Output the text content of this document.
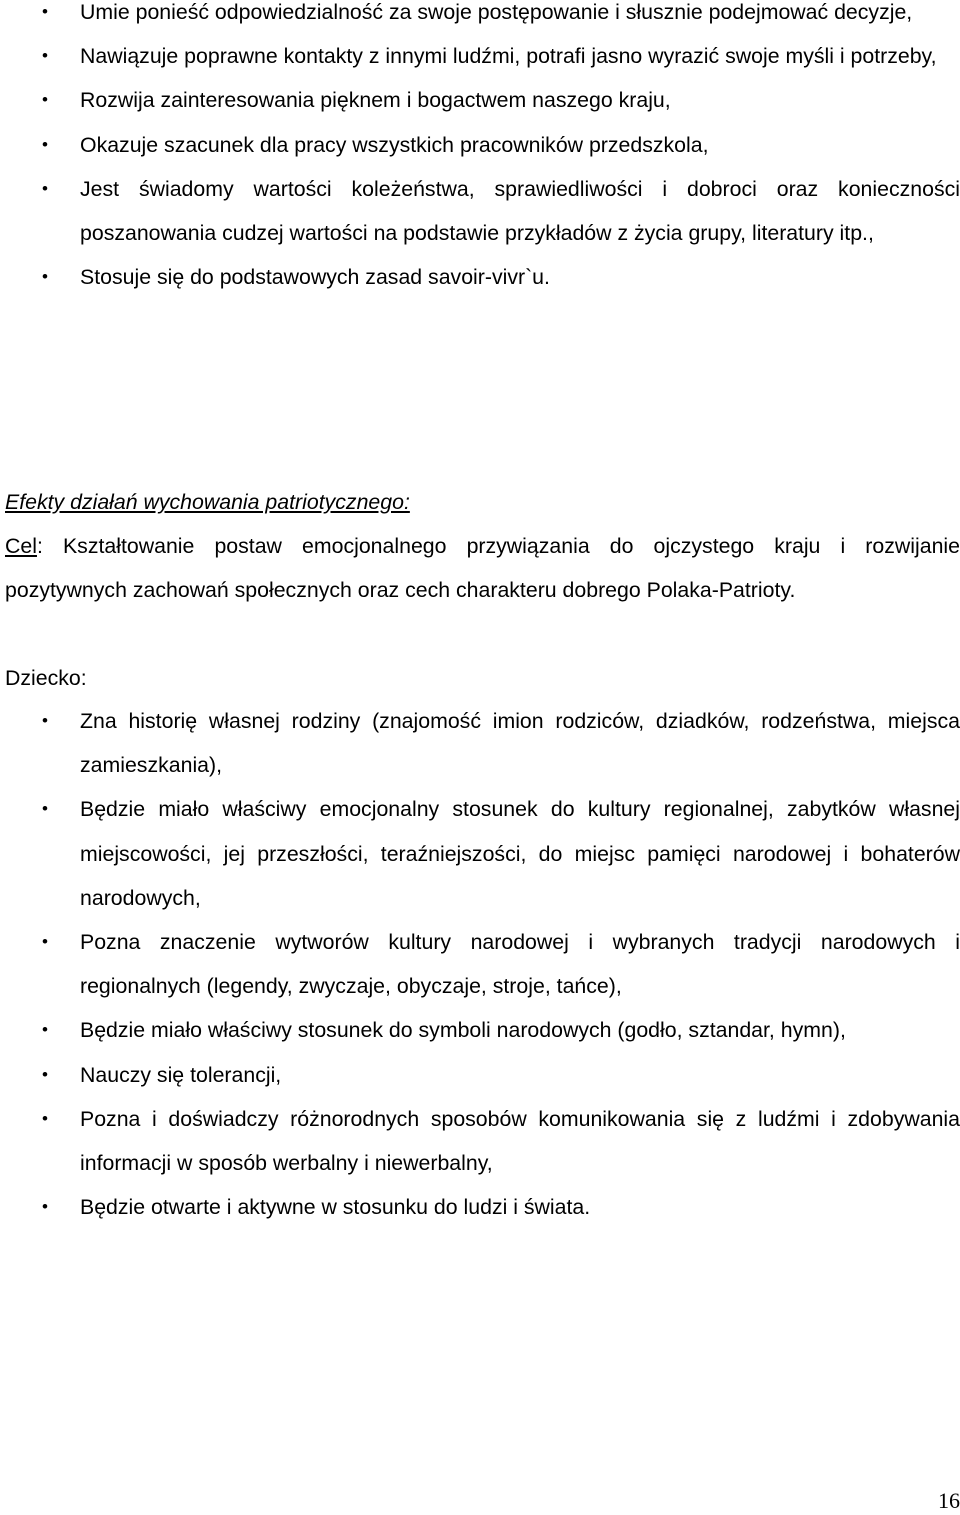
• Umie ponieść odpowiedzialność za swoje postępowanie i słusznie podejmować decyzje,
• Nawiązuje poprawne kontakty z innymi ludźmi, potrafi jasno wyrazić swoje myśli i potrzeby,
• Rozwija zainteresowania pięknem i bogactwem naszego kraju,
• Okazuje szacunek dla pracy wszystkich pracowników przedszkola,
• Jest świadomy wartości koleżeństwa, sprawiedliwości i dobroci oraz konieczności poszanowania cudzej wartości na podstawie przykładów z życia grupy, literatury itp.,
• Stosuje się do podstawowych zasad savoir-vivr`u.

Efekty działań wychowania patriotycznego:

Cel: Kształtowanie postaw emocjonalnego przywiązania do ojczystego kraju i rozwijanie pozytywnych zachowań społecznych oraz cech charakteru dobrego Polaka-Patrioty.

Dziecko:

• Zna historię własnej rodziny (znajomość imion rodziców, dziadków, rodzeństwa, miejsca zamieszkania),
• Będzie miało właściwy emocjonalny stosunek do kultury regionalnej, zabytków własnej miejscowości, jej przeszłości, teraźniejszości, do miejsc pamięci narodowej i bohaterów narodowych,
• Pozna znaczenie wytworów kultury narodowej i wybranych tradycji narodowych i regionalnych (legendy, zwyczaje, obyczaje, stroje, tańce),
• Będzie miało właściwy stosunek do symboli narodowych (godło, sztandar, hymn),
• Nauczy się tolerancji,
• Pozna i doświadczy różnorodnych sposobów komunikowania się z ludźmi i zdobywania informacji w sposób werbalny i niewerbalny,
• Będzie otwarte i aktywne w stosunku do ludzi i świata.
16
